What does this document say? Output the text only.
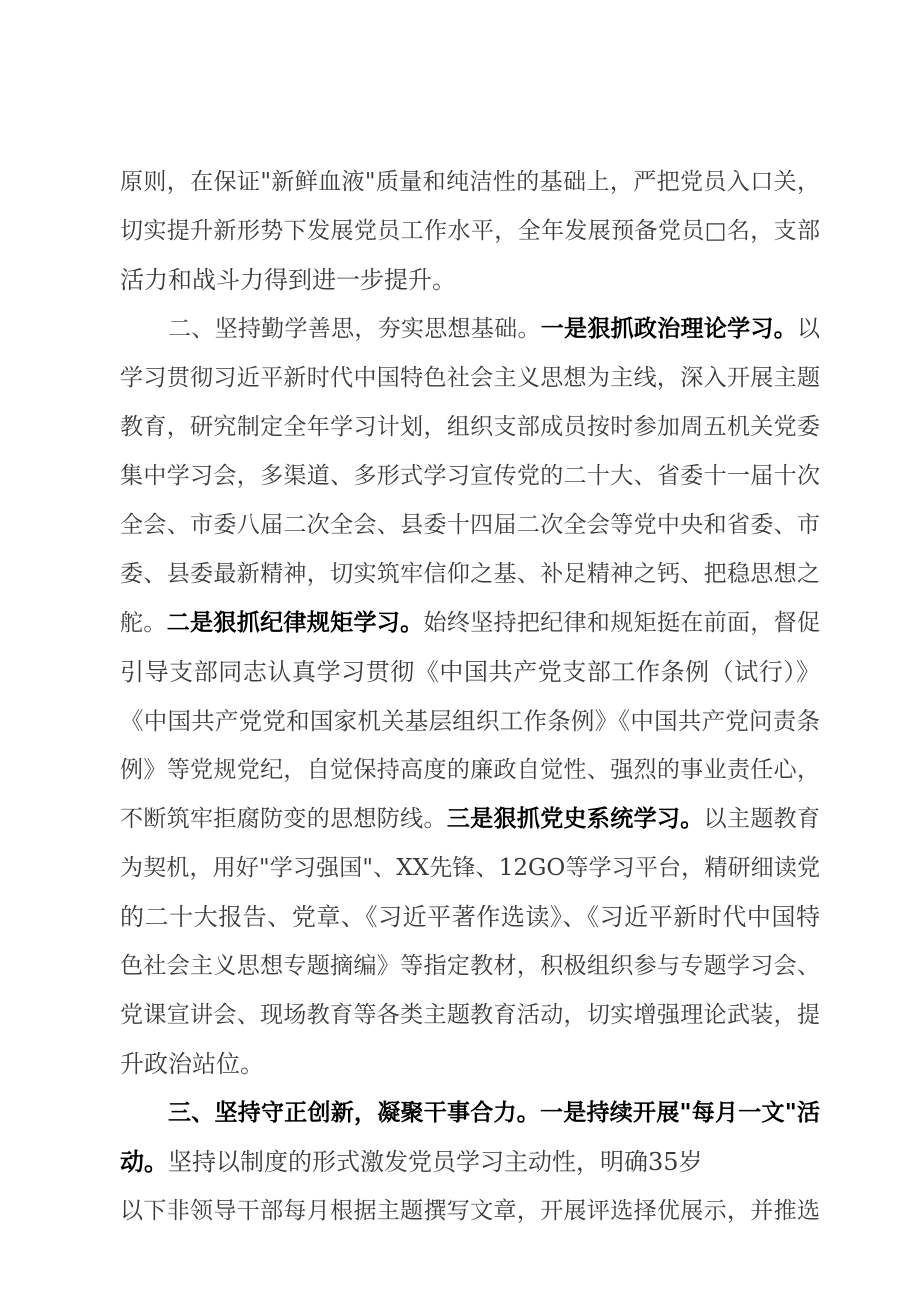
原则，在保证"新鲜血液"质量和纯洁性的基础上，严把党员入口关，
切实提升新形势下发展党员工作水平，全年发展预备党员□名，支部
活力和战斗力得到进一步提升。
二、坚持勤学善思，夯实思想基础。一是狠抓政治理论学习。以
学习贯彻习近平新时代中国特色社会主义思想为主线，深入开展主题
教育，研究制定全年学习计划，组织支部成员按时参加周五机关党委
集中学习会，多渠道、多形式学习宣传党的二十大、省委十一届十次
全会、市委八届二次全会、县委十四届二次全会等党中央和省委、市
委、县委最新精神，切实筑牢信仰之基、补足精神之钙、把稳思想之
舵。二是狠抓纪律规矩学习。始终坚持把纪律和规矩挺在前面，督促
引导支部同志认真学习贯彻《中国共产党支部工作条例（试行）》
《中国共产党党和国家机关基层组织工作条例》《中国共产党问责条
例》等党规党纪，自觉保持高度的廉政自觉性、强烈的事业责任心，
不断筑牢拒腐防变的思想防线。三是狠抓党史系统学习。以主题教育
为契机，用好"学习强国"、XX先锋、12GO等学习平台，精研细读党
的二十大报告、党章、《习近平著作选读》、《习近平新时代中国特
色社会主义思想专题摘编》等指定教材，积极组织参与专题学习会、
党课宣讲会、现场教育等各类主题教育活动，切实增强理论武装，提
升政治站位。
三、坚持守正创新，凝聚干事合力。一是持续开展"每月一文"活
动。坚持以制度的形式激发党员学习主动性，明确35岁
以下非领导干部每月根据主题撰写文章，开展评选择优展示，并推选
